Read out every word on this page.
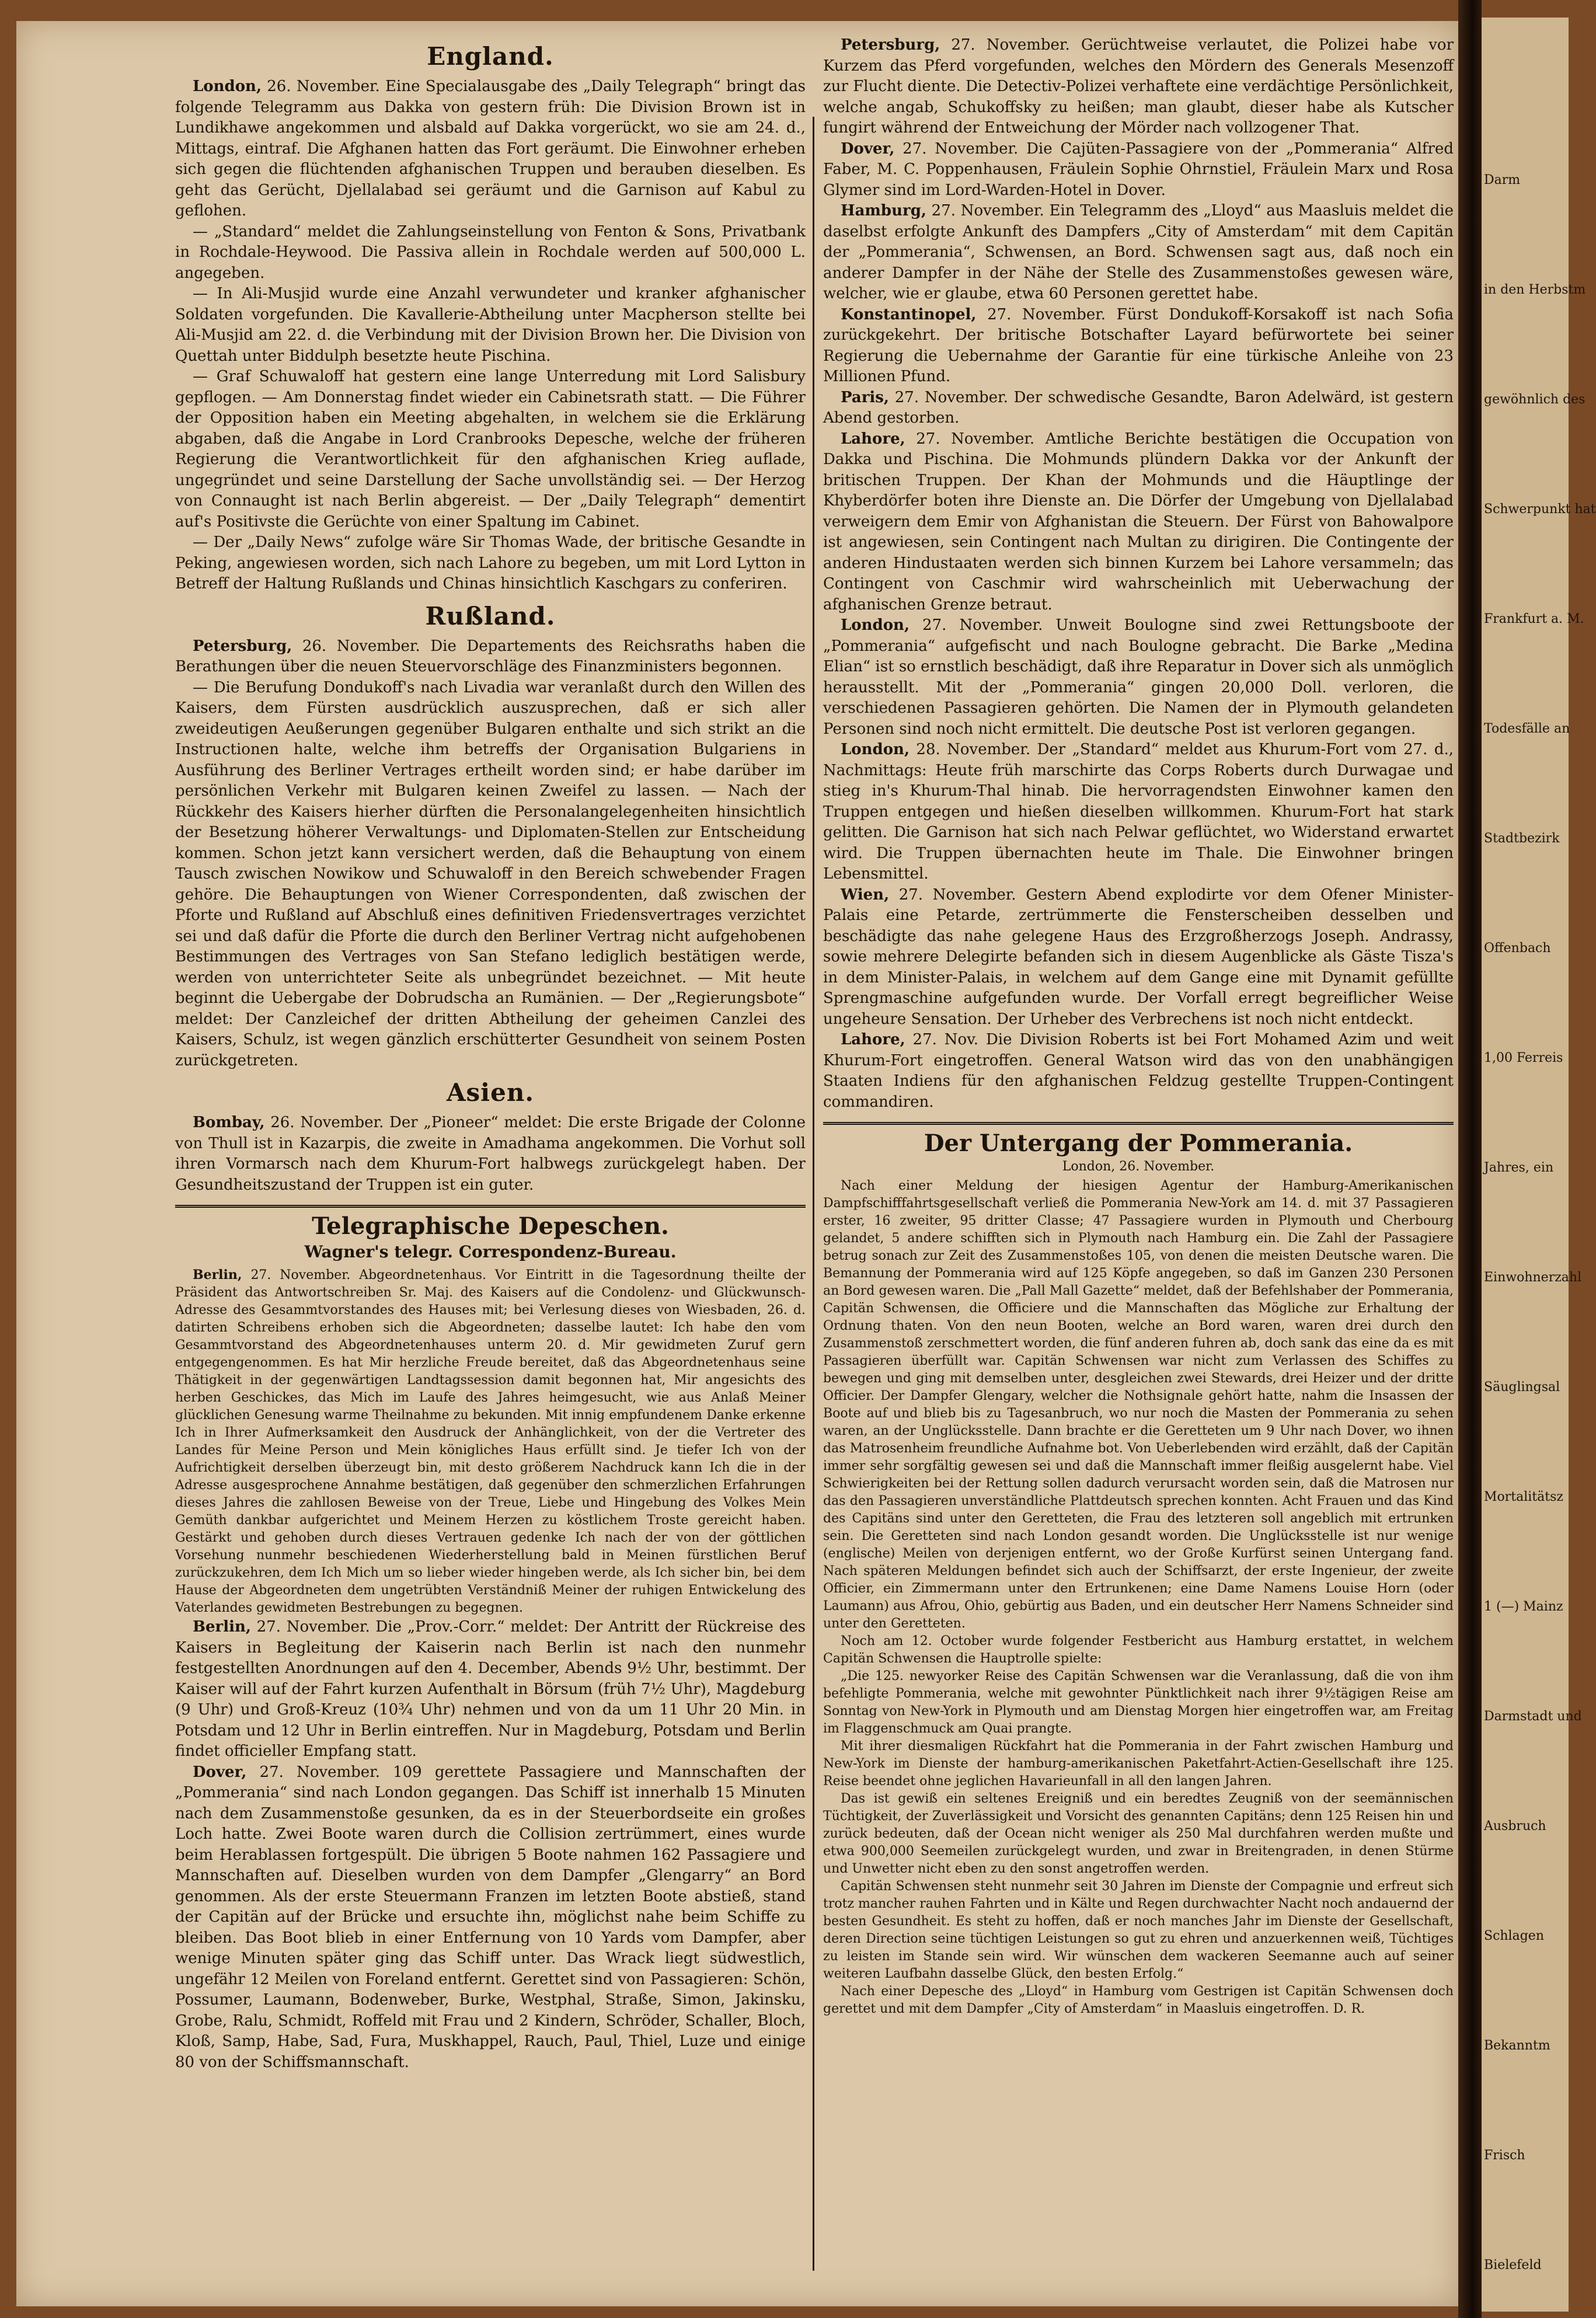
Darm
in den Herbstm
gewöhnlich des
Schwerpunkt hat
Frankfurt a. M.
Todesfälle an
Stadtbezirk
Offenbach
1,00 Ferreis
Jahres, ein
Einwohnerzahl
Säuglingsal
Mortalitätsz
1 (—) Mainz
Darmstadt und
Ausbruch
Schlagen
Bekanntm
Frisch
Bielefeld
England.

London, 26. November. Eine Specialausgabe des „Daily Telegraph“ bringt das folgende Telegramm aus Dakka von gestern früh: Die Division Brown ist in Lundikhawe angekommen und alsbald auf Dakka vorgerückt, wo sie am 24. d., Mittags, eintraf. Die Afghanen hatten das Fort geräumt. Die Einwohner erheben sich gegen die flüchtenden afghanischen Truppen und berauben dieselben. Es geht das Gerücht, Djellalabad sei geräumt und die Garnison auf Kabul zu geflohen.

— „Standard“ meldet die Zahlungseinstellung von Fenton & Sons, Privatbank in Rochdale-Heywood. Die Passiva allein in Rochdale werden auf 500,000 L. angegeben.

— In Ali-Musjid wurde eine Anzahl verwundeter und kranker afghanischer Soldaten vorgefunden. Die Kavallerie-Abtheilung unter Macpherson stellte bei Ali-Musjid am 22. d. die Verbindung mit der Division Brown her. Die Division von Quettah unter Biddulph besetzte heute Pischina.

— Graf Schuwaloff hat gestern eine lange Unterredung mit Lord Salisbury gepflogen. — Am Donnerstag findet wieder ein Cabinetsrath statt. — Die Führer der Opposition haben ein Meeting abgehalten, in welchem sie die Erklärung abgaben, daß die Angabe in Lord Cranbrooks Depesche, welche der früheren Regierung die Verantwortlichkeit für den afghanischen Krieg auflade, ungegründet und seine Darstellung der Sache unvollständig sei. — Der Herzog von Connaught ist nach Berlin abgereist. — Der „Daily Telegraph“ dementirt auf's Positivste die Gerüchte von einer Spaltung im Cabinet.

— Der „Daily News“ zufolge wäre Sir Thomas Wade, der britische Gesandte in Peking, angewiesen worden, sich nach Lahore zu begeben, um mit Lord Lytton in Betreff der Haltung Rußlands und Chinas hinsichtlich Kaschgars zu conferiren.

Rußland.

Petersburg, 26. November. Die Departements des Reichsraths haben die Berathungen über die neuen Steuervorschläge des Finanzministers begonnen.

— Die Berufung Dondukoff's nach Livadia war veranlaßt durch den Willen des Kaisers, dem Fürsten ausdrücklich auszusprechen, daß er sich aller zweideutigen Aeußerungen gegenüber Bulgaren enthalte und sich strikt an die Instructionen halte, welche ihm betreffs der Organisation Bulgariens in Ausführung des Berliner Vertrages ertheilt worden sind; er habe darüber im persönlichen Verkehr mit Bulgaren keinen Zweifel zu lassen. — Nach der Rückkehr des Kaisers hierher dürften die Personalangelegenheiten hinsichtlich der Besetzung höherer Verwaltungs- und Diplomaten-Stellen zur Entscheidung kommen. Schon jetzt kann versichert werden, daß die Behauptung von einem Tausch zwischen Nowikow und Schuwaloff in den Bereich schwebender Fragen gehöre. Die Behauptungen von Wiener Correspondenten, daß zwischen der Pforte und Rußland auf Abschluß eines definitiven Friedensvertrages verzichtet sei und daß dafür die Pforte die durch den Berliner Vertrag nicht aufgehobenen Bestimmungen des Vertrages von San Stefano lediglich bestätigen werde, werden von unterrichteter Seite als unbegründet bezeichnet. — Mit heute beginnt die Uebergabe der Dobrudscha an Rumänien. — Der „Regierungsbote“ meldet: Der Canzleichef der dritten Abtheilung der geheimen Canzlei des Kaisers, Schulz, ist wegen gänzlich erschütterter Gesundheit von seinem Posten zurückgetreten.

Asien.

Bombay, 26. November. Der „Pioneer“ meldet: Die erste Brigade der Colonne von Thull ist in Kazarpis, die zweite in Amadhama angekommen. Die Vorhut soll ihren Vormarsch nach dem Khurum-Fort halbwegs zurückgelegt haben. Der Gesundheitszustand der Truppen ist ein guter.

Telegraphische Depeschen.
Wagner's telegr. Correspondenz-Bureau.

Berlin, 27. November. Abgeordnetenhaus. Vor Eintritt in die Tagesordnung theilte der Präsident das Antwortschreiben Sr. Maj. des Kaisers auf die Condolenz- und Glückwunsch-Adresse des Gesammtvorstandes des Hauses mit; bei Verlesung dieses von Wiesbaden, 26. d. datirten Schreibens erhoben sich die Abgeordneten; dasselbe lautet: Ich habe den vom Gesammtvorstand des Abgeordnetenhauses unterm 20. d. Mir gewidmeten Zuruf gern entgegengenommen. Es hat Mir herzliche Freude bereitet, daß das Abgeordnetenhaus seine Thätigkeit in der gegenwärtigen Landtagssession damit begonnen hat, Mir angesichts des herben Geschickes, das Mich im Laufe des Jahres heimgesucht, wie aus Anlaß Meiner glücklichen Genesung warme Theilnahme zu bekunden. Mit innig empfundenem Danke erkenne Ich in Ihrer Aufmerksamkeit den Ausdruck der Anhänglichkeit, von der die Vertreter des Landes für Meine Person und Mein königliches Haus erfüllt sind. Je tiefer Ich von der Aufrichtigkeit derselben überzeugt bin, mit desto größerem Nachdruck kann Ich die in der Adresse ausgesprochene Annahme bestätigen, daß gegenüber den schmerzlichen Erfahrungen dieses Jahres die zahllosen Beweise von der Treue, Liebe und Hingebung des Volkes Mein Gemüth dankbar aufgerichtet und Meinem Herzen zu köstlichem Troste gereicht haben. Gestärkt und gehoben durch dieses Vertrauen gedenke Ich nach der von der göttlichen Vorsehung nunmehr beschiedenen Wiederherstellung bald in Meinen fürstlichen Beruf zurückzukehren, dem Ich Mich um so lieber wieder hingeben werde, als Ich sicher bin, bei dem Hause der Abgeordneten dem ungetrübten Verständniß Meiner der ruhigen Entwickelung des Vaterlandes gewidmeten Bestrebungen zu begegnen.

Berlin, 27. November. Die „Prov.-Corr.“ meldet: Der Antritt der Rückreise des Kaisers in Begleitung der Kaiserin nach Berlin ist nach den nunmehr festgestellten Anordnungen auf den 4. December, Abends 9½ Uhr, bestimmt. Der Kaiser will auf der Fahrt kurzen Aufenthalt in Börsum (früh 7½ Uhr), Magdeburg (9 Uhr) und Groß-Kreuz (10¾ Uhr) nehmen und von da um 11 Uhr 20 Min. in Potsdam und 12 Uhr in Berlin eintreffen. Nur in Magdeburg, Potsdam und Berlin findet officieller Empfang statt.

Dover, 27. November. 109 gerettete Passagiere und Mannschaften der „Pommerania“ sind nach London gegangen. Das Schiff ist innerhalb 15 Minuten nach dem Zusammenstoße gesunken, da es in der Steuerbordseite ein großes Loch hatte. Zwei Boote waren durch die Collision zertrümmert, eines wurde beim Herablassen fortgespült. Die übrigen 5 Boote nahmen 162 Passagiere und Mannschaften auf. Dieselben wurden von dem Dampfer „Glengarry“ an Bord genommen. Als der erste Steuermann Franzen im letzten Boote abstieß, stand der Capitän auf der Brücke und ersuchte ihn, möglichst nahe beim Schiffe zu bleiben. Das Boot blieb in einer Entfernung von 10 Yards vom Dampfer, aber wenige Minuten später ging das Schiff unter. Das Wrack liegt südwestlich, ungefähr 12 Meilen von Foreland entfernt. Gerettet sind von Passagieren: Schön, Possumer, Laumann, Bodenweber, Burke, Westphal, Straße, Simon, Jakinsku, Grobe, Ralu, Schmidt, Roffeld mit Frau und 2 Kindern, Schröder, Schaller, Bloch, Kloß, Samp, Habe, Sad, Fura, Muskhappel, Rauch, Paul, Thiel, Luze und einige 80 von der Schiffsmannschaft.

Petersburg, 27. November. Gerüchtweise verlautet, die Polizei habe vor Kurzem das Pferd vorgefunden, welches den Mördern des Generals Mesenzoff zur Flucht diente. Die Detectiv-Polizei verhaftete eine verdächtige Persönlichkeit, welche angab, Schukoffsky zu heißen; man glaubt, dieser habe als Kutscher fungirt während der Entweichung der Mörder nach vollzogener That.

Dover, 27. November. Die Cajüten-Passagiere von der „Pommerania“ Alfred Faber, M. C. Poppenhausen, Fräulein Sophie Ohrnstiel, Fräulein Marx und Rosa Glymer sind im Lord-Warden-Hotel in Dover.

Hamburg, 27. November. Ein Telegramm des „Lloyd“ aus Maasluis meldet die daselbst erfolgte Ankunft des Dampfers „City of Amsterdam“ mit dem Capitän der „Pommerania“, Schwensen, an Bord. Schwensen sagt aus, daß noch ein anderer Dampfer in der Nähe der Stelle des Zusammenstoßes gewesen wäre, welcher, wie er glaube, etwa 60 Personen gerettet habe.

Konstantinopel, 27. November. Fürst Dondukoff-Korsakoff ist nach Sofia zurückgekehrt. Der britische Botschafter Layard befürwortete bei seiner Regierung die Uebernahme der Garantie für eine türkische Anleihe von 23 Millionen Pfund.

Paris, 27. November. Der schwedische Gesandte, Baron Adelwärd, ist gestern Abend gestorben.

Lahore, 27. November. Amtliche Berichte bestätigen die Occupation von Dakka und Pischina. Die Mohmunds plündern Dakka vor der Ankunft der britischen Truppen. Der Khan der Mohmunds und die Häuptlinge der Khyberdörfer boten ihre Dienste an. Die Dörfer der Umgebung von Djellalabad verweigern dem Emir von Afghanistan die Steuern. Der Fürst von Bahowalpore ist angewiesen, sein Contingent nach Multan zu dirigiren. Die Contingente der anderen Hindustaaten werden sich binnen Kurzem bei Lahore versammeln; das Contingent von Caschmir wird wahrscheinlich mit Ueberwachung der afghanischen Grenze betraut.

London, 27. November. Unweit Boulogne sind zwei Rettungsboote der „Pommerania“ aufgefischt und nach Boulogne gebracht. Die Barke „Medina Elian“ ist so ernstlich beschädigt, daß ihre Reparatur in Dover sich als unmöglich herausstellt. Mit der „Pommerania“ gingen 20,000 Doll. verloren, die verschiedenen Passagieren gehörten. Die Namen der in Plymouth gelandeten Personen sind noch nicht ermittelt. Die deutsche Post ist verloren gegangen.

London, 28. November. Der „Standard“ meldet aus Khurum-Fort vom 27. d., Nachmittags: Heute früh marschirte das Corps Roberts durch Durwagae und stieg in's Khurum-Thal hinab. Die hervorragendsten Einwohner kamen den Truppen entgegen und hießen dieselben willkommen. Khurum-Fort hat stark gelitten. Die Garnison hat sich nach Pelwar geflüchtet, wo Widerstand erwartet wird. Die Truppen übernachten heute im Thale. Die Einwohner bringen Lebensmittel.

Wien, 27. November. Gestern Abend explodirte vor dem Ofener Minister-Palais eine Petarde, zertrümmerte die Fensterscheiben desselben und beschädigte das nahe gelegene Haus des Erzgroßherzogs Joseph. Andrassy, sowie mehrere Delegirte befanden sich in diesem Augenblicke als Gäste Tisza's in dem Minister-Palais, in welchem auf dem Gange eine mit Dynamit gefüllte Sprengmaschine aufgefunden wurde. Der Vorfall erregt begreiflicher Weise ungeheure Sensation. Der Urheber des Verbrechens ist noch nicht entdeckt.

Lahore, 27. Nov. Die Division Roberts ist bei Fort Mohamed Azim und weit Khurum-Fort eingetroffen. General Watson wird das von den unabhängigen Staaten Indiens für den afghanischen Feldzug gestellte Truppen-Contingent commandiren.

Der Untergang der Pommerania.
London, 26. November.

Nach einer Meldung der hiesigen Agentur der Hamburg-Amerikanischen Dampfschifffahrtsgesellschaft verließ die Pommerania New-York am 14. d. mit 37 Passagieren erster, 16 zweiter, 95 dritter Classe; 47 Passagiere wurden in Plymouth und Cherbourg gelandet, 5 andere schifften sich in Plymouth nach Hamburg ein. Die Zahl der Passagiere betrug sonach zur Zeit des Zusammenstoßes 105, von denen die meisten Deutsche waren. Die Bemannung der Pommerania wird auf 125 Köpfe angegeben, so daß im Ganzen 230 Personen an Bord gewesen waren. Die „Pall Mall Gazette“ meldet, daß der Befehlshaber der Pommerania, Capitän Schwensen, die Officiere und die Mannschaften das Mögliche zur Erhaltung der Ordnung thaten. Von den neun Booten, welche an Bord waren, waren drei durch den Zusammenstoß zerschmettert worden, die fünf anderen fuhren ab, doch sank das eine da es mit Passagieren überfüllt war. Capitän Schwensen war nicht zum Verlassen des Schiffes zu bewegen und ging mit demselben unter, desgleichen zwei Stewards, drei Heizer und der dritte Officier. Der Dampfer Glengary, welcher die Nothsignale gehört hatte, nahm die Insassen der Boote auf und blieb bis zu Tagesanbruch, wo nur noch die Masten der Pommerania zu sehen waren, an der Unglücksstelle. Dann brachte er die Geretteten um 9 Uhr nach Dover, wo ihnen das Matrosenheim freundliche Aufnahme bot. Von Ueberlebenden wird erzählt, daß der Capitän immer sehr sorgfältig gewesen sei und daß die Mannschaft immer fleißig ausgelernt habe. Viel Schwierigkeiten bei der Rettung sollen dadurch verursacht worden sein, daß die Matrosen nur das den Passagieren unverständliche Plattdeutsch sprechen konnten. Acht Frauen und das Kind des Capitäns sind unter den Geretteten, die Frau des letzteren soll angeblich mit ertrunken sein. Die Geretteten sind nach London gesandt worden. Die Unglücksstelle ist nur wenige (englische) Meilen von derjenigen entfernt, wo der Große Kurfürst seinen Untergang fand. Nach späteren Meldungen befindet sich auch der Schiffsarzt, der erste Ingenieur, der zweite Officier, ein Zimmermann unter den Ertrunkenen; eine Dame Namens Louise Horn (oder Laumann) aus Afrou, Ohio, gebürtig aus Baden, und ein deutscher Herr Namens Schneider sind unter den Geretteten.

Noch am 12. October wurde folgender Festbericht aus Hamburg erstattet, in welchem Capitän Schwensen die Hauptrolle spielte:

„Die 125. newyorker Reise des Capitän Schwensen war die Veranlassung, daß die von ihm befehligte Pommerania, welche mit gewohnter Pünktlichkeit nach ihrer 9½tägigen Reise am Sonntag von New-York in Plymouth und am Dienstag Morgen hier eingetroffen war, am Freitag im Flaggenschmuck am Quai prangte.

Mit ihrer diesmaligen Rückfahrt hat die Pommerania in der Fahrt zwischen Hamburg und New-York im Dienste der hamburg-amerikanischen Paketfahrt-Actien-Gesellschaft ihre 125. Reise beendet ohne jeglichen Havarieunfall in all den langen Jahren.

Das ist gewiß ein seltenes Ereigniß und ein beredtes Zeugniß von der seemännischen Tüchtigkeit, der Zuverlässigkeit und Vorsicht des genannten Capitäns; denn 125 Reisen hin und zurück bedeuten, daß der Ocean nicht weniger als 250 Mal durchfahren werden mußte und etwa 900,000 Seemeilen zurückgelegt wurden, und zwar in Breitengraden, in denen Stürme und Unwetter nicht eben zu den sonst angetroffen werden.

Capitän Schwensen steht nunmehr seit 30 Jahren im Dienste der Compagnie und erfreut sich trotz mancher rauhen Fahrten und in Kälte und Regen durchwachter Nacht noch andauernd der besten Gesundheit. Es steht zu hoffen, daß er noch manches Jahr im Dienste der Gesellschaft, deren Direction seine tüchtigen Leistungen so gut zu ehren und anzuerkennen weiß, Tüchtiges zu leisten im Stande sein wird. Wir wünschen dem wackeren Seemanne auch auf seiner weiteren Laufbahn dasselbe Glück, den besten Erfolg.“

Nach einer Depesche des „Lloyd“ in Hamburg vom Gestrigen ist Capitän Schwensen doch gerettet und mit dem Dampfer „City of Amsterdam“ in Maasluis eingetroffen. D. R.
